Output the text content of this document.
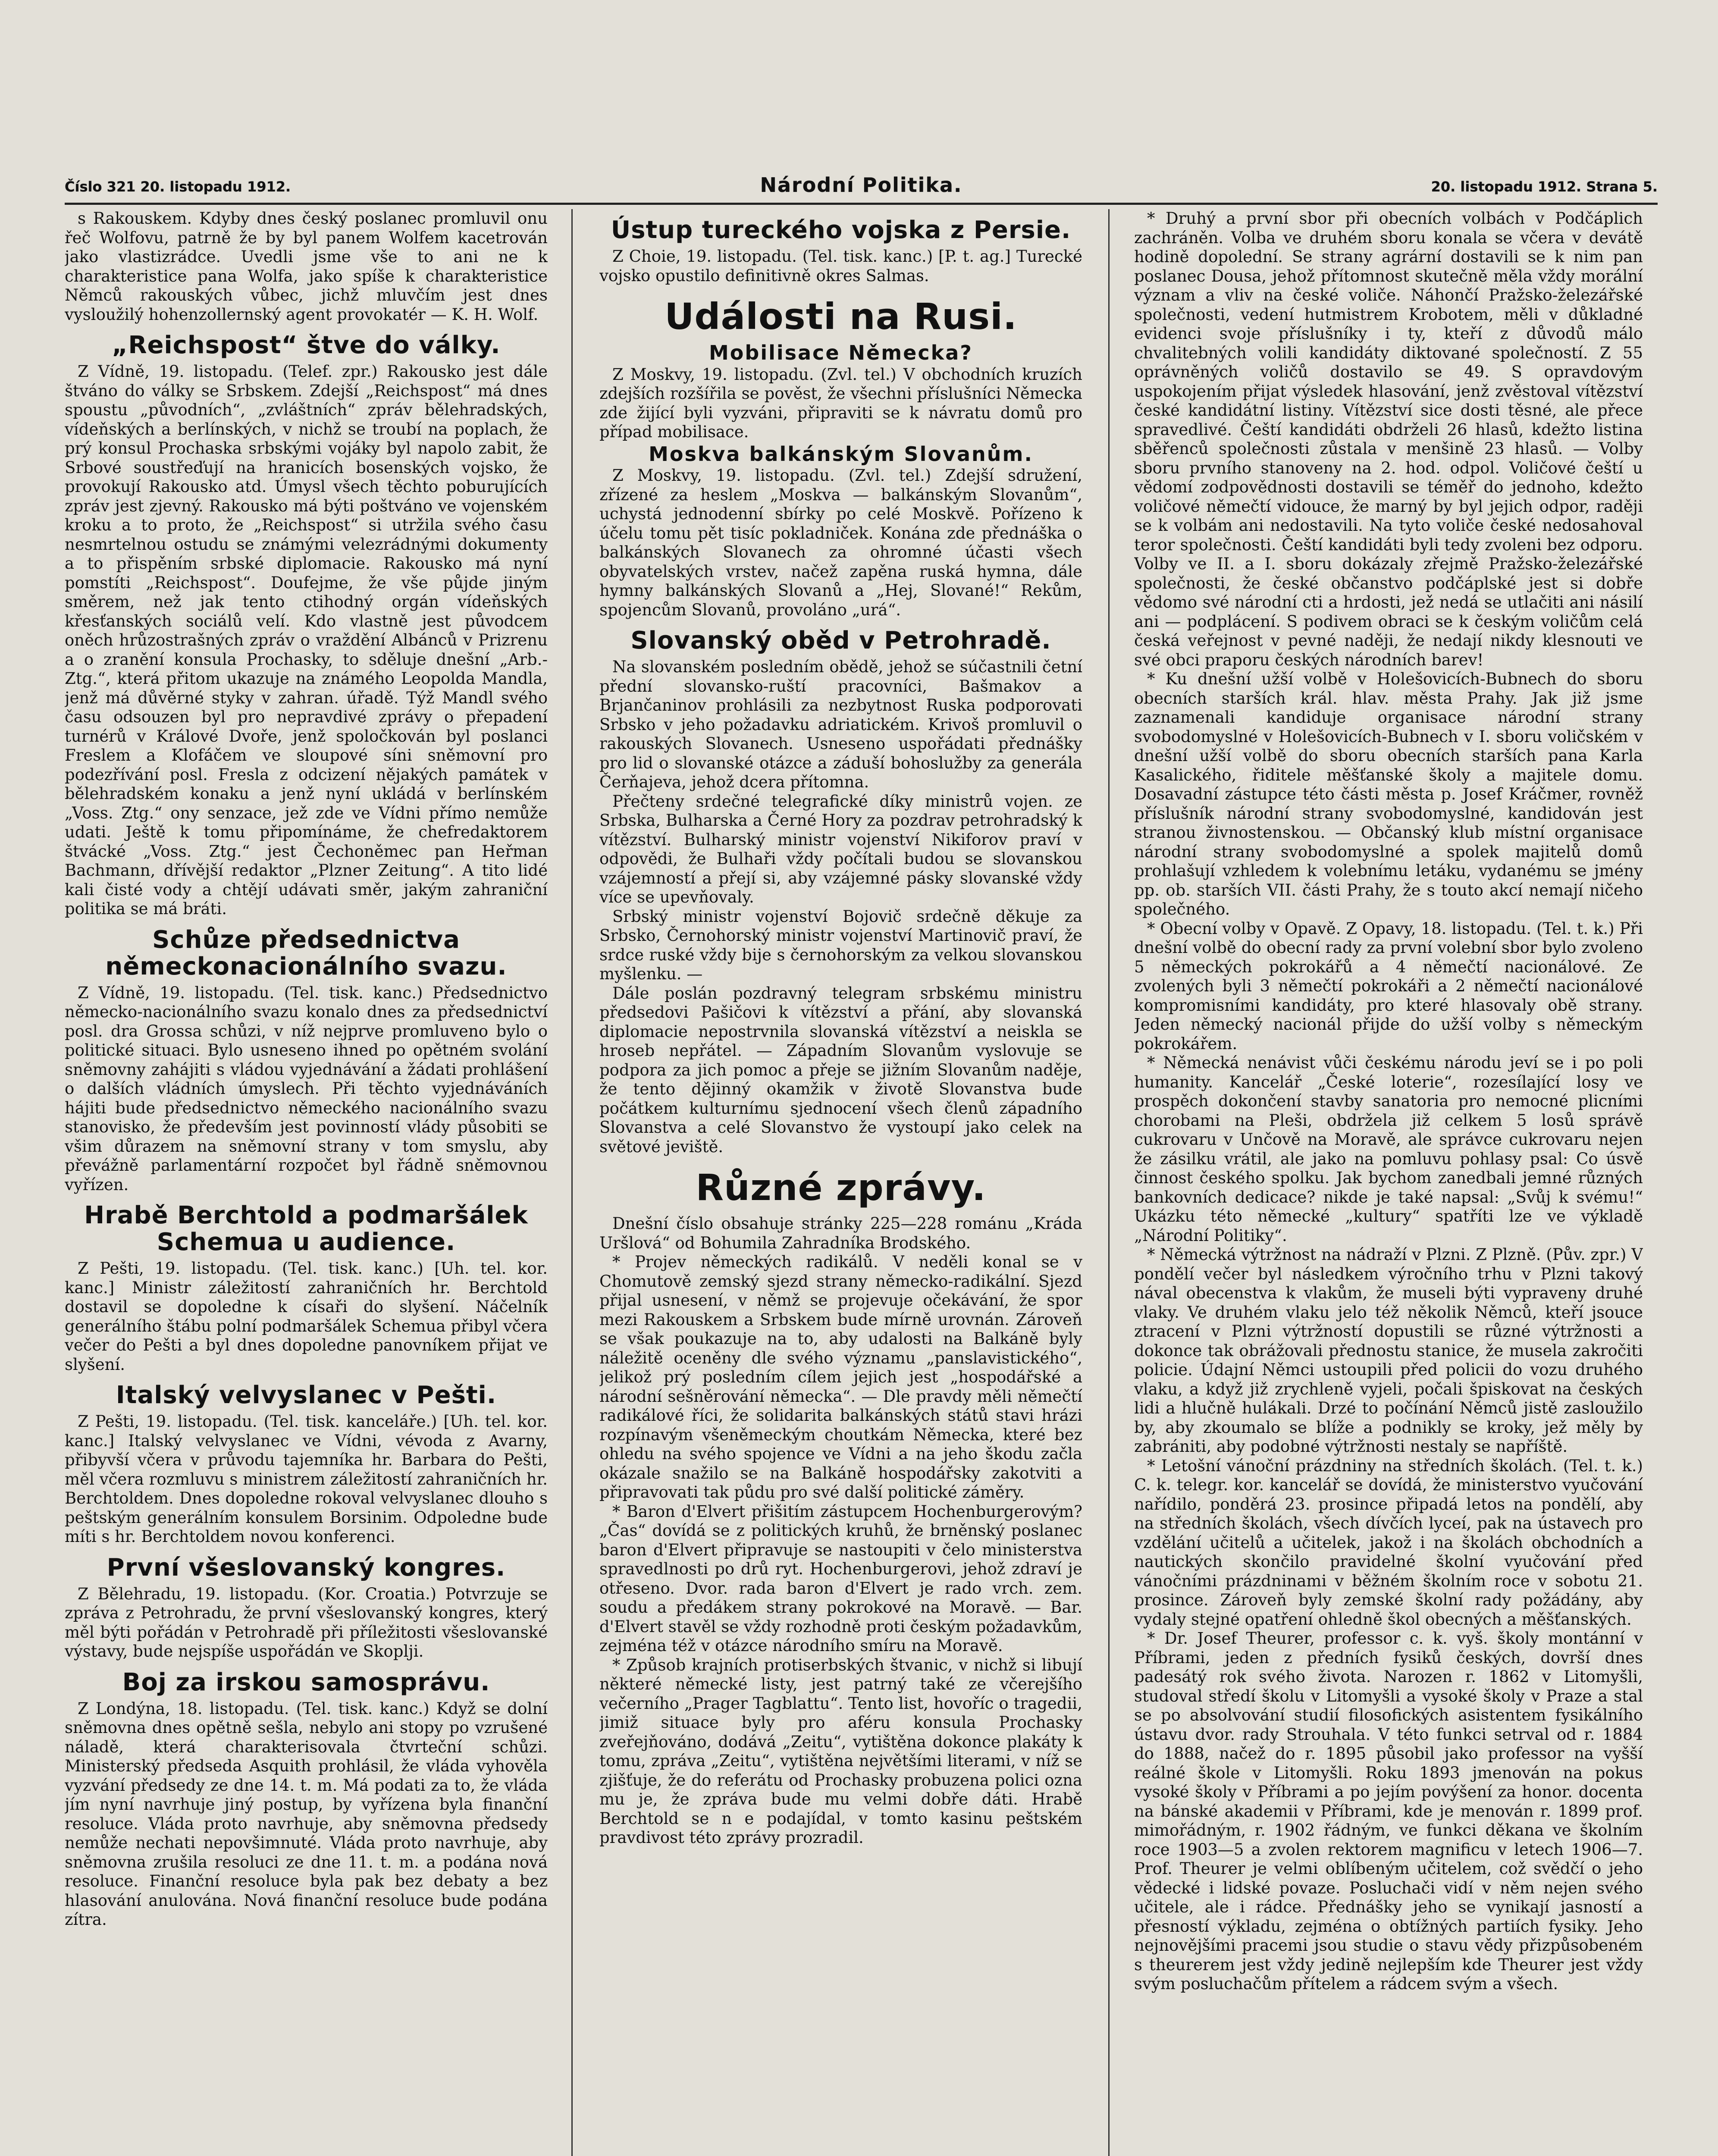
Číslo 321 20. listopadu 1912.	Národní Politika.	20. listopadu 1912. Strana 5.

s Rakouskem. Kdyby dnes český poslanec promluvil onu řeč Wolfovu, patrně že by byl panem Wolfem kacetrován jako vlastizrádce. Uvedli jsme vše to ani ne k charakteristice pana Wolfa, jako spíše k charakteristice Němců rakouských vůbec, jichž mluvčím jest dnes vysloužilý hohenzollernský agent provokatér — K. H. Wolf.

„Reichspost“ štve do války.

Z Vídně, 19. listopadu. (Telef. zpr.) Rakousko jest dále štváno do války se Srbskem. Zdejší „Reichspost“ má dnes spoustu „původních“, „zvláštních“ zpráv bělehradských, vídeňských a berlínských, v nichž se troubí na poplach, že prý konsul Prochaska srbskými vojáky byl napolo zabit, že Srbové soustřeďují na hranicích bosenských vojsko, že provokují Rakousko atd. Úmysl všech těchto poburujících zpráv jest zjevný. Rakousko má býti poštváno ve vojenském kroku a to proto, že „Reichspost“ si utržila svého času nesmrtelnou ostudu se známými velezrádnými dokumenty a to přispěním srbské diplomacie. Rakousko má nyní pomstíti „Reichspost“. Doufejme, že vše půjde jiným směrem, než jak tento ctihodný orgán vídeňských křesťanských sociálů velí. Kdo vlastně jest původcem oněch hrůzostrašných zpráv o vraždění Albánců v Prizrenu a o zranění konsula Prochasky, to sděluje dnešní „Arb.-Ztg.“, která přitom ukazuje na známého Leopolda Mandla, jenž má důvěrné styky v zahran. úřadě. Týž Mandl svého času odsouzen byl pro nepravdivé zprávy o přepadení turnérů v Králové Dvoře, jenž spoločkován byl poslanci Freslem a Klofáčem ve sloupové síni sněmovní pro podezřívání posl. Fresla z odcizení nějakých památek v bělehradském konaku a jenž nyní ukládá v berlínském „Voss. Ztg.“ ony senzace, jež zde ve Vídni přímo nemůže udati. Ještě k tomu připomínáme, že chefredaktorem štvácké „Voss. Ztg.“ jest Čechoněmec pan Heřman Bachmann, dřívější redaktor „Plzner Zeitung“. A tito lidé kali čisté vody a chtějí udávati směr, jakým zahraniční politika se má bráti.

Schůze předsednictva německonacionálního svazu.

Z Vídně, 19. listopadu. (Tel. tisk. kanc.) Předsednictvo německo-nacionálního svazu konalo dnes za předsednictví posl. dra Grossa schůzi, v níž nejprve promluveno bylo o politické situaci. Bylo usneseno ihned po opětném svolání sněmovny zahájiti s vládou vyjednávání a žádati prohlášení o dalších vládních úmyslech. Při těchto vyjednáváních hájiti bude předsednictvo německého nacionálního svazu stanovisko, že především jest povinností vlády působiti se všim důrazem na sněmovní strany v tom smyslu, aby převážně parlamentární rozpočet byl řádně sněmovnou vyřízen.

Hrabě Berchtold a podmaršálek Schemua u audience.

Z Pešti, 19. listopadu. (Tel. tisk. kanc.) [Uh. tel. kor. kanc.] Ministr záležitostí zahraničních hr. Berchtold dostavil se dopoledne k císaři do slyšení. Náčelník generálního štábu polní podmaršálek Schemua přibyl včera večer do Pešti a byl dnes dopoledne panovníkem přijat ve slyšení.

Italský velvyslanec v Pešti.

Z Pešti, 19. listopadu. (Tel. tisk. kanceláře.) [Uh. tel. kor. kanc.] Italský velvyslanec ve Vídni, vévoda z Avarny, přibyvší včera v průvodu tajemníka hr. Barbara do Pešti, měl včera rozmluvu s ministrem záležitostí zahraničních hr. Berchtoldem. Dnes dopoledne rokoval velvyslanec dlouho s peštským generálním konsulem Borsinim. Odpoledne bude míti s hr. Berchtoldem novou konferenci.

První všeslovanský kongres.

Z Bělehradu, 19. listopadu. (Kor. Croatia.) Potvrzuje se zpráva z Petrohradu, že první všeslovanský kongres, který měl býti pořádán v Petrohradě při příležitosti všeslovanské výstavy, bude nejspíše uspořádán ve Skoplji.

Boj za irskou samosprávu.

Z Londýna, 18. listopadu. (Tel. tisk. kanc.) Když se dolní sněmovna dnes opětně sešla, nebylo ani stopy po vzrušené náladě, která charakterisovala čtvrteční schůzi. Ministerský předseda Asquith prohlásil, že vláda vyhověla vyzvání předsedy ze dne 14. t. m. Má podati za to, že vláda jím nyní navrhuje jiný postup, by vyřízena byla finanční resoluce. Vláda proto navrhuje, aby sněmovna předsedy nemůže nechati nepovšimnuté. Vláda proto navrhuje, aby sněmovna zrušila resoluci ze dne 11. t. m. a podána nová resoluce. Finanční resoluce byla pak bez debaty a bez hlasování anulována. Nová finanční resoluce bude podána zítra.

Ústup tureckého vojska z Persie.

Z Choie, 19. listopadu. (Tel. tisk. kanc.) [P. t. ag.] Turecké vojsko opustilo definitivně okres Salmas.

Události na Rusi.
Mobilisace Německa?

Z Moskvy, 19. listopadu. (Zvl. tel.) V obchodních kruzích zdejších rozšířila se pověst, že všechni příslušníci Německa zde žijící byli vyzváni, připraviti se k návratu domů pro případ mobilisace.

Moskva balkánským Slovanům.

Z Moskvy, 19. listopadu. (Zvl. tel.) Zdejší sdružení, zřízené za heslem „Moskva — balkánským Slovanům“, uchystá jednodenní sbírky po celé Moskvě. Pořízeno k účelu tomu pět tisíc pokladniček. Konána zde přednáška o balkánských Slovanech za ohromné účasti všech obyvatelských vrstev, načež zapěna ruská hymna, dále hymny balkánských Slovanů a „Hej, Slované!“ Rekům, spojencům Slovanů, provoláno „urá“.

Slovanský oběd v Petrohradě.

Na slovanském posledním obědě, jehož se súčastnili četní přední slovansko-ruští pracovníci, Bašmakov a Brjančaninov prohlásili za nezbytnost Ruska podporovati Srbsko v jeho požadavku adriatickém. Krivoš promluvil o rakouských Slovanech. Usneseno uspořádati přednášky pro lid o slovanské otázce a záduší bohoslužby za generála Čerňajeva, jehož dcera přítomna.

Přečteny srdečné telegrafické díky ministrů vojen. ze Srbska, Bulharska a Černé Hory za pozdrav petrohradský k vítězství. Bulharský ministr vojenství Nikiforov praví v odpovědi, že Bulhaři vždy počítali budou se slovanskou vzájemností a přejí si, aby vzájemné pásky slovanské vždy více se upevňovaly.

Srbský ministr vojenství Bojovič srdečně děkuje za Srbsko, Černohorský ministr vojenství Martinovič praví, že srdce ruské vždy bije s černohorským za velkou slovanskou myšlenku. —

Dále poslán pozdravný telegram srbskému ministru předsedovi Pašičovi k vítězství a přání, aby slovanská diplomacie nepostrvnila slovanská vítězství a neiskla se hroseb nepřátel. — Západním Slovanům vyslovuje se podpora za jich pomoc a přeje se jižním Slovanům naděje, že tento dějinný okamžik v životě Slovanstva bude počátkem kulturnímu sjednocení všech členů západního Slovanstva a celé Slovanstvo že vystoupí jako celek na světové jeviště.

Různé zprávy.

Dnešní číslo obsahuje stránky 225—228 románu „Kráda Uršlová“ od Bohumila Zahradníka Brodského.

* Projev německých radikálů. V neděli konal se v Chomutově zemský sjezd strany německo-radikální. Sjezd přijal usnesení, v němž se projevuje očekávání, že spor mezi Rakouskem a Srbskem bude mírně urovnán. Zároveň se však poukazuje na to, aby udalosti na Balkáně byly náležitě oceněny dle svého významu „panslavistického“, jelikož prý posledním cílem jejich jest „hospodářské a národní sešněrování německa“. — Dle pravdy měli němečtí radikálové říci, že solidarita balkánských států stavi hrázi rozpínavým všeněmeckým choutkám Německa, které bez ohledu na svého spojence ve Vídni a na jeho škodu začla okázale snažilo se na Balkáně hospodářsky zakotviti a připravovati tak půdu pro své další politické záměry.

* Baron d'Elvert přišitím zástupcem Hochenburgerovým? „Čas“ dovídá se z politických kruhů, že brněnský poslanec baron d'Elvert připravuje se nastoupiti v čelo ministerstva spravedlnosti po drů ryt. Hochenburgerovi, jehož zdraví je otřeseno. Dvor. rada baron d'Elvert je rado vrch. zem. soudu a předákem strany pokrokové na Moravě. — Bar. d'Elvert stavěl se vždy rozhodně proti českým požadavkům, zejména též v otázce národního smíru na Moravě.

* Způsob krajních protiserbských štvanic, v nichž si libují některé německé listy, jest patrný také ze včerejšího večerního „Prager Tagblattu“. Tento list, hovoříc o tragedii, jimiž situace byly pro aféru konsula Prochasky zveřejňováno, dodává „Zeitu“, vytištěna dokonce plakáty k tomu, zpráva „Zeitu“, vytištěna největšími literami, v níž se zjišťuje, že do referátu od Prochasky probuzena polici ozna mu je, že zpráva bude mu velmi dobře dáti. Hrabě Berchtold se n e podajídal, v tomto kasinu peštském pravdivost této zprávy prozradil.

* Druhý a první sbor při obecních volbách v Podčáplich zachráněn. Volba ve druhém sboru konala se včera v devátě hodině dopolední. Se strany agrární dostavili se k nim pan poslanec Dousa, jehož přítomnost skutečně měla vždy morální význam a vliv na české voliče. Náhončí Pražsko-železářské společnosti, vedení hutmistrem Krobotem, měli v důkladné evidenci svoje příslušníky i ty, kteří z důvodů málo chvalitebných volili kandidáty diktované společností. Z 55 oprávněných voličů dostavilo se 49. S opravdovým uspokojením přijat výsledek hlasování, jenž zvěstoval vítězství české kandidátní listiny. Vítězství sice dosti těsné, ale přece spravedlivé. Čeští kandidáti obdrželi 26 hlasů, kdežto listina sběřenců společnosti zůstala v menšině 23 hlasů. — Volby sboru prvního stanoveny na 2. hod. odpol. Voličové čeští u vědomí zodpovědnosti dostavili se téměř do jednoho, kdežto voličové němečtí vidouce, že marný by byl jejich odpor, raději se k volbám ani nedostavili. Na tyto voliče české nedosahoval teror společnosti. Čeští kandidáti byli tedy zvoleni bez odporu. Volby ve II. a I. sboru dokázaly zřejmě Pražsko-železářské společnosti, že české občanstvo podčáplské jest si dobře vědomo své národní cti a hrdosti, jež nedá se utlačiti ani násilí ani — podplácení. S podivem obraci se k českým voličům celá česká veřejnost v pevné naději, že nedají nikdy klesnouti ve své obci praporu českých národních barev!

* Ku dnešní užší volbě v Holešovicích-Bubnech do sboru obecních starších král. hlav. města Prahy. Jak již jsme zaznamenali kandiduje organisace národní strany svobodomyslné v Holešovicích-Bubnech v I. sboru voličském v dnešní užší volbě do sboru obecních starších pana Karla Kasalického, řiditele měšťanské školy a majitele domu. Dosavadní zástupce této části města p. Josef Kráčmer, rovněž příslušník národní strany svobodomyslné, kandidován jest stranou živnostenskou. — Občanský klub místní organisace národní strany svobodomyslné a spolek majitelů domů prohlašují vzhledem k volebnímu letáku, vydanému se jmény pp. ob. starších VII. části Prahy, že s touto akcí nemají ničeho společného.

* Obecní volby v Opavě. Z Opavy, 18. listopadu. (Tel. t. k.) Při dnešní volbě do obecní rady za první volební sbor bylo zvoleno 5 německých pokrokářů a 4 němečtí nacionálové. Ze zvolených byli 3 němečtí pokrokáři a 2 němečtí nacionálové kompromisními kandidáty, pro které hlasovaly obě strany. Jeden německý nacionál přijde do užší volby s německým pokrokářem.

* Německá nenávist vůči českému národu jeví se i po poli humanity. Kancelář „České loterie“, rozesílající losy ve prospěch dokončení stavby sanatoria pro nemocné plicními chorobami na Pleši, obdržela již celkem 5 losů správě cukrovaru v Unčově na Moravě, ale správce cukrovaru nejen že zásilku vrátil, ale jako na pomluvu pohlasy psal: Co úsvě činnost českého spolku. Jak bychom zanedbali jemné různých bankovních dedicace? nikde je také napsal: „Svůj k svému!“ Ukázku této německé „kultury“ spatříti lze ve výkladě „Národní Politiky“.

* Německá výtržnost na nádraží v Plzni. Z Plzně. (Pův. zpr.) V pondělí večer byl následkem výročního trhu v Plzni takový nával obecenstva k vlakům, že museli býti vypraveny druhé vlaky. Ve druhém vlaku jelo též několik Němců, kteří jsouce ztracení v Plzni výtržností dopustili se různé výtržnosti a dokonce tak obrážovali přednostu stanice, že musela zakročiti policie. Údajní Němci ustoupili před policii do vozu druhého vlaku, a když již zrychleně vyjeli, počali špiskovat na českých lidi a hlučně hulákali. Drzé to počínání Němců jistě zasloužilo by, aby zkoumalo se blíže a podnikly se kroky, jež měly by zabrániti, aby podobné výtržnosti nestaly se napříště.

* Letošní vánoční prázdniny na středních školách. (Tel. t. k.) C. k. telegr. kor. kancelář se dovídá, že ministerstvo vyučování nařídilo, ponděrá 23. prosince připadá letos na pondělí, aby na středních školách, všech dívčích lyceí, pak na ústavech pro vzdělání učitelů a učitelek, jakož i na školách obchodních a nautických skončilo pravidelné školní vyučování před vánočními prázdninami v běžném školním roce v sobotu 21. prosince. Zároveň byly zemské školní rady požádány, aby vydaly stejné opatření ohledně škol obecných a měšťanských.

* Dr. Josef Theurer, professor c. k. vyš. školy montánní v Příbrami, jeden z předních fysiků českých, dovrší dnes padesátý rok svého života. Narozen r. 1862 v Litomyšli, studoval středí školu v Litomyšli a vysoké školy v Praze a stal se po absolvování studií filosofických asistentem fysikálního ústavu dvor. rady Strouhala. V této funkci setrval od r. 1884 do 1888, načež do r. 1895 působil jako professor na vyšší reálné škole v Litomyšli. Roku 1893 jmenován na pokus vysoké školy v Příbrami a po jejím povýšení za honor. docenta na bánské akademii v Příbrami, kde je menován r. 1899 prof. mimořádným, r. 1902 řádným, ve funkci děkana ve školním roce 1903—5 a zvolen rektorem magnificu v letech 1906—7. Prof. Theurer je velmi oblíbeným učitelem, což svědčí o jeho vědecké i lidské povaze. Posluchači vidí v něm nejen svého učitele, ale i rádce. Přednášky jeho se vynikají jasností a přesností výkladu, zejména o obtížných partiích fysiky. Jeho nejnovějšími pracemi jsou studie o stavu vědy přizpůsobeném s theurerem jest vždy jedině nejlepším kde Theurer jest vždy svým posluchačům přítelem a rádcem svým a všech.
